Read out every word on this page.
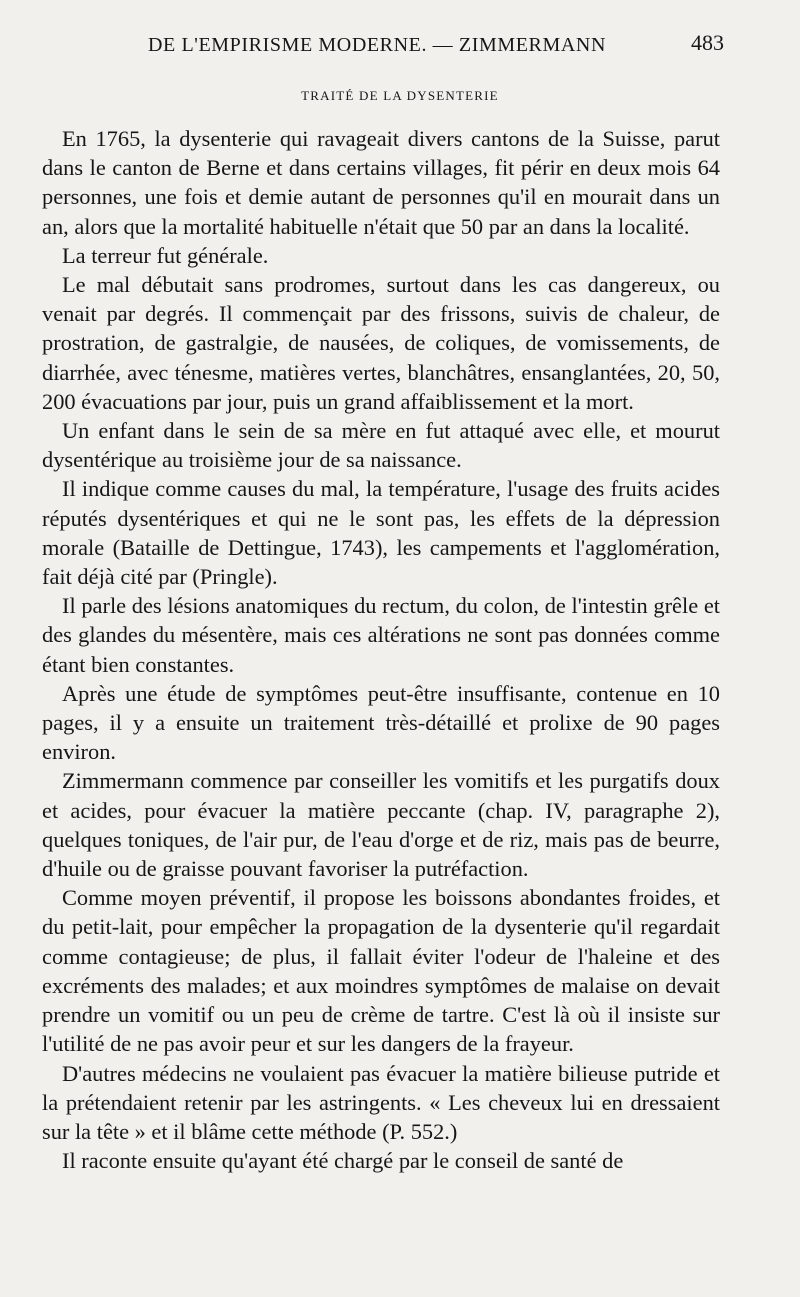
DE L'EMPIRISME MODERNE. — ZIMMERMANN	483
TRAITÉ DE LA DYSENTERIE

En 1765, la dysenterie qui ravageait divers cantons de la Suisse, parut dans le canton de Berne et dans certains villages, fit périr en deux mois 64 personnes, une fois et demie autant de personnes qu'il en mourait dans un an, alors que la mortalité habituelle n'était que 50 par an dans la localité.

La terreur fut générale.

Le mal débutait sans prodromes, surtout dans les cas dangereux, ou venait par degrés. Il commençait par des frissons, suivis de chaleur, de prostration, de gastralgie, de nausées, de coliques, de vomissements, de diarrhée, avec ténesme, matières vertes, blanchâtres, ensanglantées, 20, 50, 200 évacuations par jour, puis un grand affaiblissement et la mort.

Un enfant dans le sein de sa mère en fut attaqué avec elle, et mourut dysentérique au troisième jour de sa naissance.

Il indique comme causes du mal, la température, l'usage des fruits acides réputés dysentériques et qui ne le sont pas, les effets de la dépression morale (Bataille de Dettingue, 1743), les campements et l'agglomération, fait déjà cité par (Pringle).

Il parle des lésions anatomiques du rectum, du colon, de l'intestin grêle et des glandes du mésentère, mais ces altérations ne sont pas données comme étant bien constantes.

Après une étude de symptômes peut-être insuffisante, contenue en 10 pages, il y a ensuite un traitement très-détaillé et prolixe de 90 pages environ.

Zimmermann commence par conseiller les vomitifs et les purgatifs doux et acides, pour évacuer la matière peccante (chap. IV, paragraphe 2), quelques toniques, de l'air pur, de l'eau d'orge et de riz, mais pas de beurre, d'huile ou de graisse pouvant favoriser la putréfaction.

Comme moyen préventif, il propose les boissons abondantes froides, et du petit-lait, pour empêcher la propagation de la dysenterie qu'il regardait comme contagieuse; de plus, il fallait éviter l'odeur de l'haleine et des excréments des malades; et aux moindres symptômes de malaise on devait prendre un vomitif ou un peu de crème de tartre. C'est là où il insiste sur l'utilité de ne pas avoir peur et sur les dangers de la frayeur.

D'autres médecins ne voulaient pas évacuer la matière bilieuse putride et la prétendaient retenir par les astringents. « Les cheveux lui en dressaient sur la tête » et il blâme cette méthode (P. 552.)

Il raconte ensuite qu'ayant été chargé par le conseil de santé de
